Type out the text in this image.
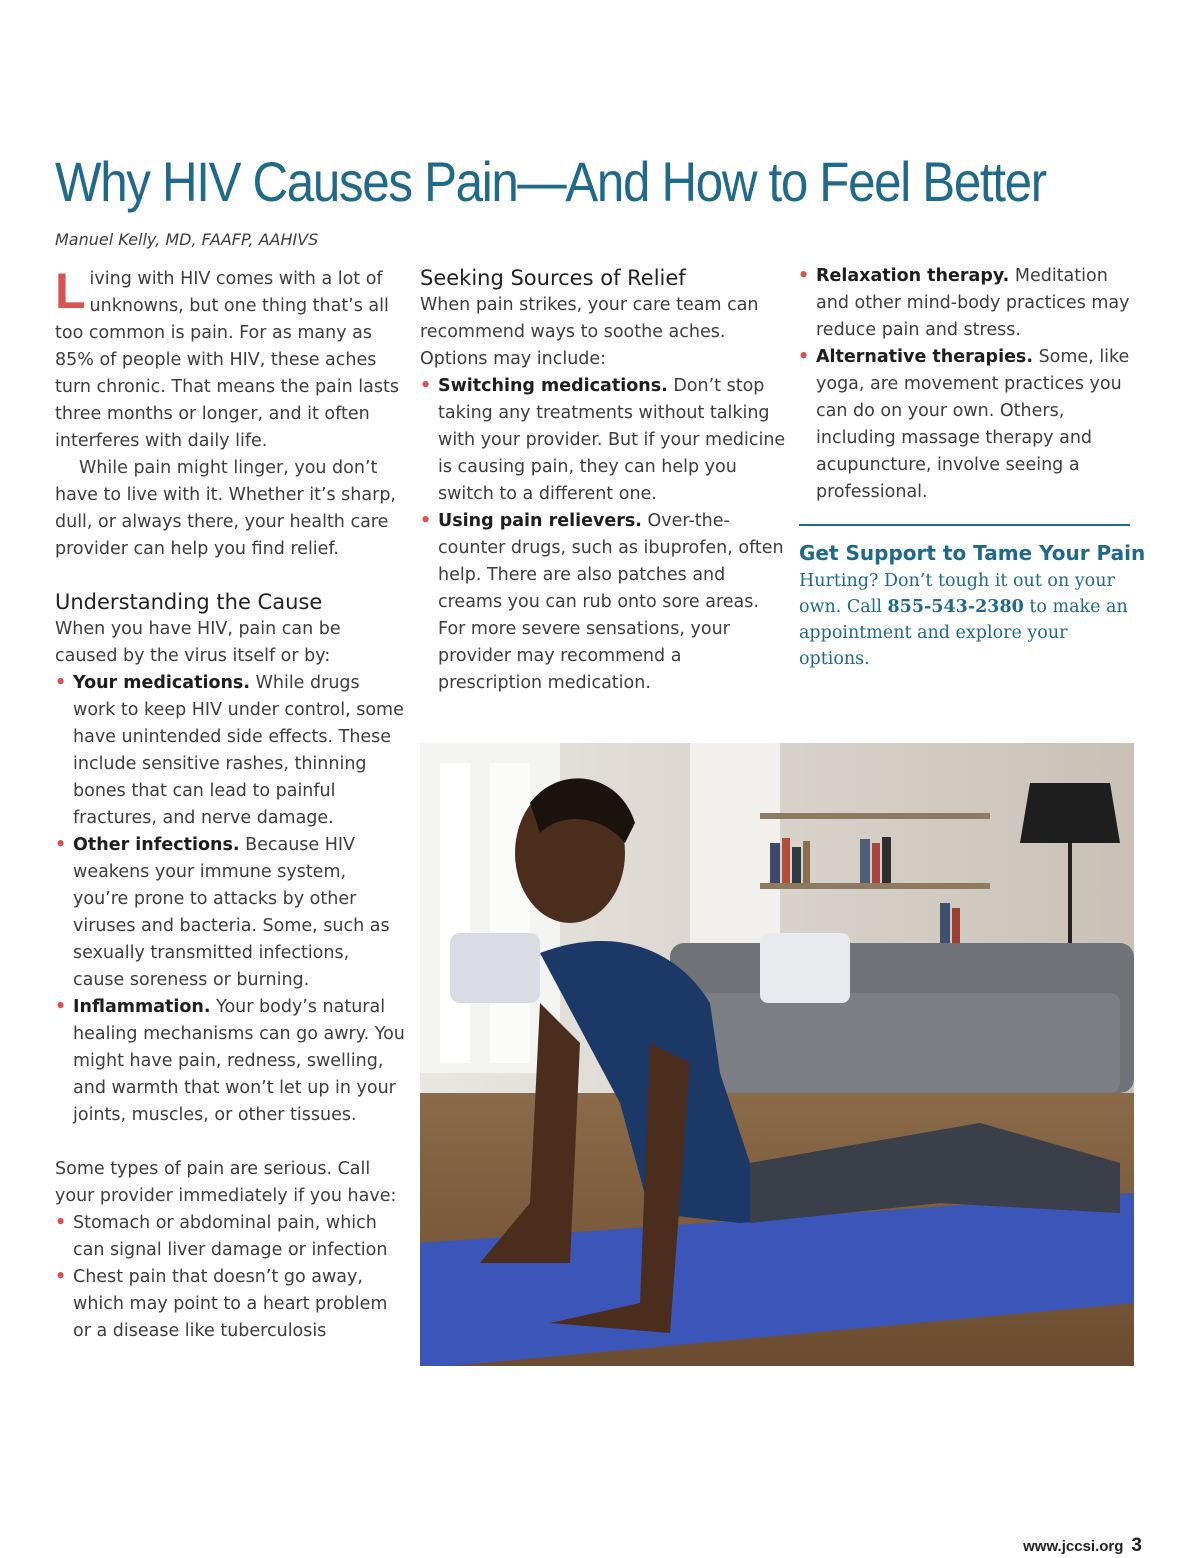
Why HIV Causes Pain—And How to Feel Better
Manuel Kelly, MD, FAAFP, AAHIVS

Living with HIV comes with a lot of unknowns, but one thing that’s all too common is pain. For as many as 85% of people with HIV, these aches turn chronic. That means the pain lasts three months or longer, and it often interferes with daily life.

While pain might linger, you don’t have to live with it. Whether it’s sharp, dull, or always there, your health care provider can help you find relief.

Understanding the Cause

When you have HIV, pain can be caused by the virus itself or by:

• Your medications. While drugs work to keep HIV under control, some have unintended side effects. These include sensitive rashes, thinning bones that can lead to painful fractures, and nerve damage.
• Other infections. Because HIV weakens your immune system, you’re prone to attacks by other viruses and bacteria. Some, such as sexually transmitted infections, cause soreness or burning.
• Inflammation. Your body’s natural healing mechanisms can go awry. You might have pain, redness, swelling, and warmth that won’t let up in your joints, muscles, or other tissues.

Some types of pain are serious. Call your provider immediately if you have:

• Stomach or abdominal pain, which can signal liver damage or infection
• Chest pain that doesn’t go away, which may point to a heart problem or a disease like tuberculosis
Seeking Sources of Relief

When pain strikes, your care team can recommend ways to soothe aches. Options may include:

• Switching medications. Don’t stop taking any treatments without talking with your provider. But if your medicine is causing pain, they can help you switch to a different one.
• Using pain relievers. Over-the-counter drugs, such as ibuprofen, often help. There are also patches and creams you can rub onto sore areas. For more severe sensations, your provider may recommend a prescription medication.
• Relaxation therapy. Meditation and other mind-body practices may reduce pain and stress.
• Alternative therapies. Some, like yoga, are movement practices you can do on your own. Others, including massage therapy and acupuncture, involve seeing a professional.
Get Support to Tame Your Pain

Hurting? Don’t tough it out on your own. Call 855-543-2380 to make an appointment and explore your options.

www.jccsi.org 3
